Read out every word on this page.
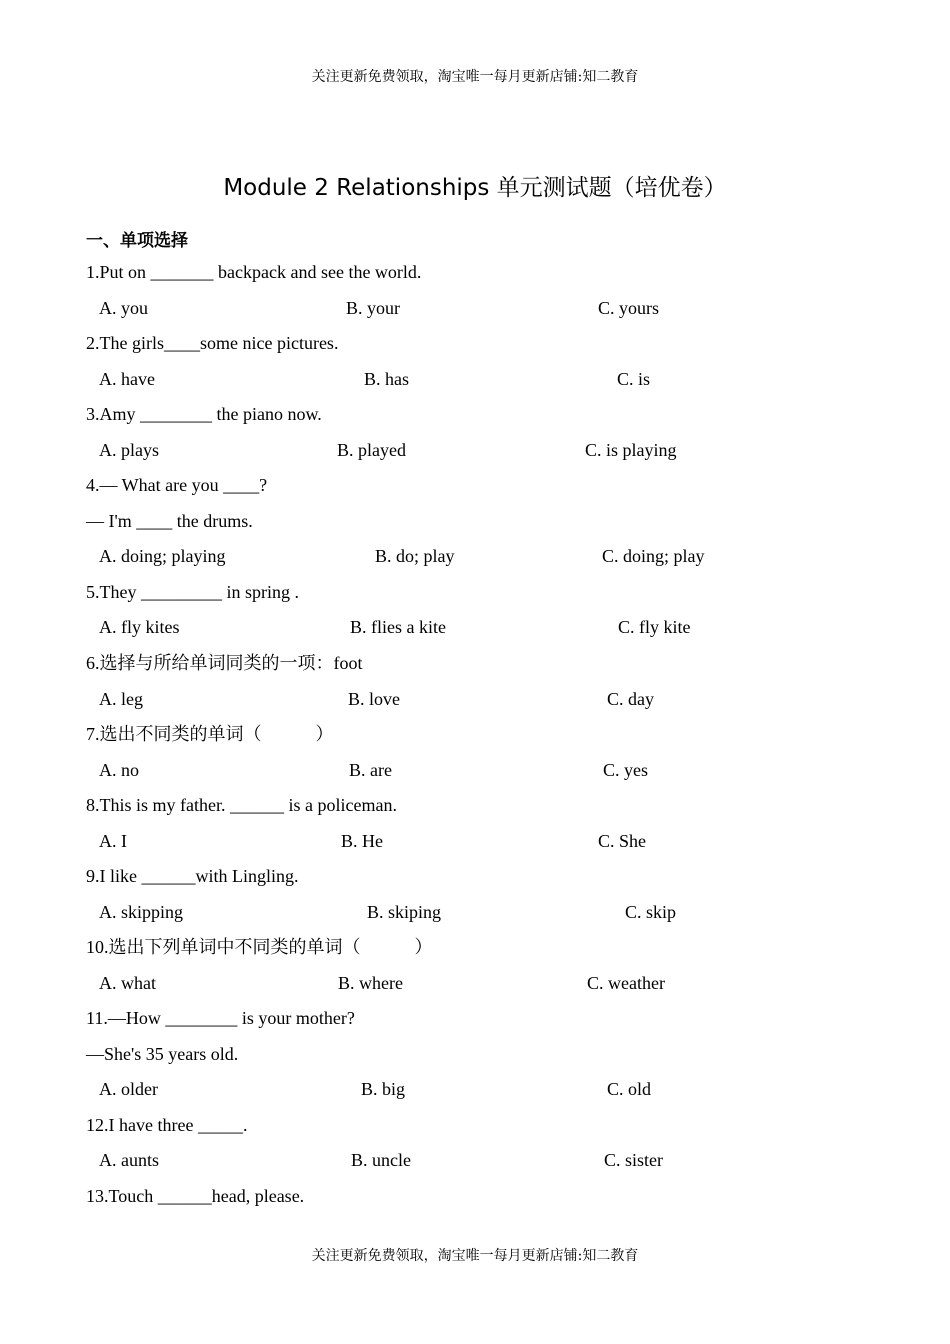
关注更新免费领取，淘宝唯一每月更新店铺:知二教育
Module 2 Relationships 单元测试题（培优卷）
一、单项选择
1.Put on _______ backpack and see the world.
A. you	B. your	C. yours
2.The girls____some nice pictures.
A. have	B. has	C. is
3.Amy ________ the piano now.
A. plays	B. played	C. is playing
4.— What are you ____?
— I'm ____ the drums.
A. doing; playing	B. do; play	C. doing; play
5.They _________ in spring .
A. fly kites	B. flies a kite	C. fly kite
6.选择与所给单词同类的一项：foot
A. leg	B. love	C. day
7.选出不同类的单词（　　　）
A. no	B. are	C. yes
8.This is my father. ______ is a policeman.
A. I	B. He	C. She
9.I like ______with Lingling.
A. skipping	B. skiping	C. skip
10.选出下列单词中不同类的单词（　　　）
A. what	B. where	C. weather
11.—How ________ is your mother?
—She's 35 years old.
A. older	B. big	C. old
12.I have three _____.
A. aunts	B. uncle	C. sister
13.Touch ______head, please.
关注更新免费领取，淘宝唯一每月更新店铺:知二教育
